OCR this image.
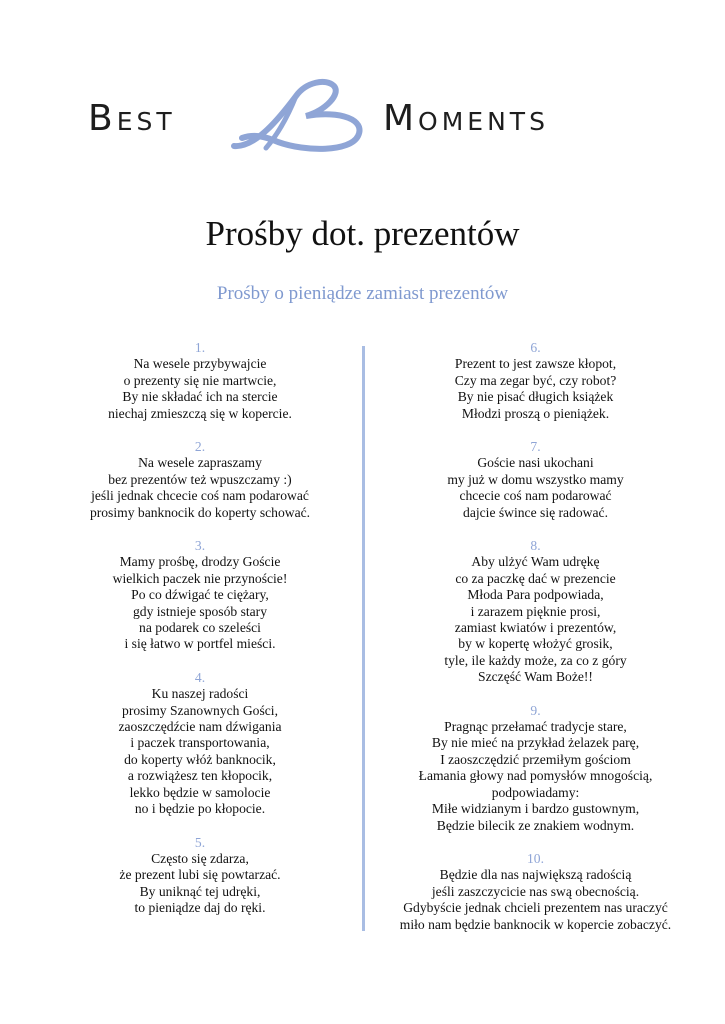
Best	Moments
Prośby dot. prezentów
Prośby o pieniądze zamiast prezentów
1.
Na wesele przybywajcie
o prezenty się nie martwcie,
By nie składać ich na stercie
niechaj zmieszczą się w kopercie.
2.
Na wesele zapraszamy
bez prezentów też wpuszczamy :)
jeśli jednak chcecie coś nam podarować
prosimy banknocik do koperty schować.
3.
Mamy prośbę, drodzy Goście
wielkich paczek nie przynoście!
Po co dźwigać te ciężary,
gdy istnieje sposób stary
na podarek co szeleści
i się łatwo w portfel mieści.
4.
Ku naszej radości
prosimy Szanownych Gości,
zaoszczędźcie nam dźwigania
i paczek transportowania,
do koperty włóż banknocik,
a rozwiążesz ten kłopocik,
lekko będzie w samolocie
no i będzie po kłopocie.
5.
Często się zdarza,
że prezent lubi się powtarzać.
By uniknąć tej udręki,
to pieniądze daj do ręki.
6.
Prezent to jest zawsze kłopot,
Czy ma zegar być, czy robot?
By nie pisać długich książek
Młodzi proszą o pieniążek.
7.
Goście nasi ukochani
my już w domu wszystko mamy
chcecie coś nam podarować
dajcie śwince się radować.
8.
Aby ulżyć Wam udrękę
co za paczkę dać w prezencie
Młoda Para podpowiada,
i zarazem pięknie prosi,
zamiast kwiatów i prezentów,
by w kopertę włożyć grosik,
tyle, ile każdy może, za co z góry
Szczęść Wam Boże!!
9.
Pragnąc przełamać tradycje stare,
By nie mieć na przykład żelazek parę,
I zaoszczędzić przemiłym gościom
Łamania głowy nad pomysłów mnogością,
podpowiadamy:
Miłe widzianym i bardzo gustownym,
Będzie bilecik ze znakiem wodnym.
10.
Będzie dla nas największą radością
jeśli zaszczycicie nas swą obecnością.
Gdybyście jednak chcieli prezentem nas uraczyć
miło nam będzie banknocik w kopercie zobaczyć.
